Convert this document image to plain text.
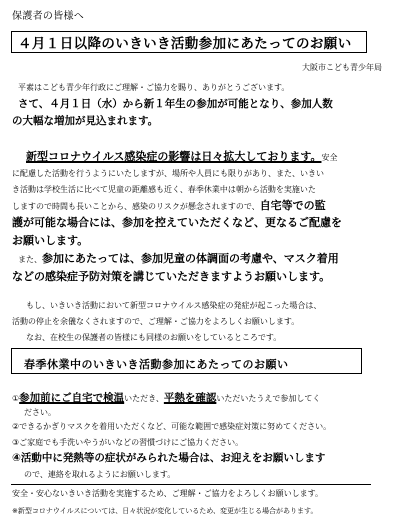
保護者の皆様へ
４月１日以降のいきいき活動参加にあたってのお願い
大阪市こども青少年局
平素はこども青少年行政にご理解・ご協力を賜り、ありがとうございます。
さて、４月１日（水）から新１年生の参加が可能となり、参加人数
の大幅な増加が見込まれます。
新型コロナウイルス感染症の影響は日々拡大しております。安全
に配慮した活動を行うようにいたしますが、場所や人員にも限りがあり、また、いきい
き活動は学校生活に比べて児童の距離感も近く、春季休業中は朝から活動を実施いた
しますので時間も長いことから、感染のリスクが懸念されますので、自宅等での監
護が可能な場合には、参加を控えていただくなど、更なるご配慮を
お願いします。
また、参加にあたっては、参加児童の体調面の考慮や、マスク着用
などの感染症予防対策を講じていただきますようお願いします。
もし、いきいき活動において新型コロナウイルス感染症の発症が起こった場合は、
活動の停止を余儀なくされますので、ご理解・ご協力をよろしくお願いします。
なお、在校生の保護者の皆様にも同様のお願いをしているところです。
春季休業中のいきいき活動参加にあたってのお願い
①参加前にご自宅で検温いただき、平熱を確認いただいたうえで参加してく
ださい。
②できるかぎりマスクを着用いただくなど、可能な範囲で感染症対策に努めてください。
③ご家庭でも手洗いやうがいなどの習慣づけにご協力ください。
④活動中に発熱等の症状がみられた場合は、お迎えをお願いします
ので、連絡を取れるようにお願いします。
安全・安心ないきいき活動を実施するため、ご理解・ご協力をよろしくお願いします。
※新型コロナウイルスについては、日々状況が変化しているため、変更が生じる場合があります。
